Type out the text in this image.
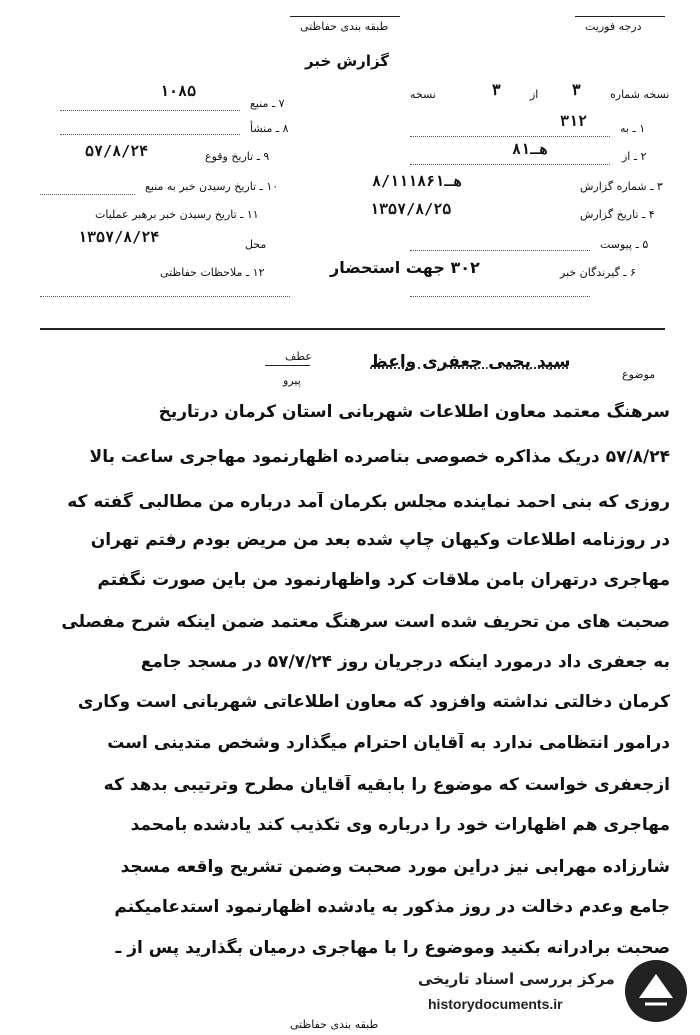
درجه فوریت
طبقه بندی حفاظتی
گزارش خبر
نسخه شماره
۳
از
۳
نسخه
۱ ـ به
۳۱۲
۲ ـ از
۸هـ۱
۳ ـ شماره گزارش
۸/۱۱۱۸۶هـ۱
۴ ـ تاریخ گزارش
۱۳۵۷/۸/۲۵
۵ ـ پیوست
۶ ـ گیرندگان خبر
۳۰۲ جهت استحضار
۷ ـ منبع
۱۰۸۵
۸ ـ منشأ
۹ ـ تاریخ وقوع
۵۷/۸/۲۴
۱۰ ـ تاریخ رسیدن خبر به منبع
۱۱ ـ تاریخ رسیدن خبر برهبر عملیات
محل
۱۳۵۷/۸/۲۴
۱۲ ـ ملاحظات حفاظتی
موضوع
سید یحیی جعفری واعظ
عطف
پیرو
سرهنگ معتمد معاون اطلاعات شهربانی استان کرمان درتاریخ
۵۷/۸/۲۴ دریک مذاکره خصوصی بناصرده اظهارنمود مهاجری ساعت بالا
روزی که بنی احمد نماینده مجلس بکرمان آمد درباره من مطالبی گفته که
در روزنامه اطلاعات وکیهان چاپ شده بعد من مریض بودم رفتم تهران
مهاجری درتهران بامن ملاقات کرد واظهارنمود من باین صورت نگفتم
صحبت های من تحریف شده است سرهنگ معتمد ضمن اینکه شرح مفصلی
به جعفری داد درمورد اینکه درجریان روز ۵۷/۷/۲۴ در مسجد جامع
کرمان دخالتی نداشته وافزود که معاون اطلاعاتی شهربانی است وکاری
درامور انتظامی ندارد به آقایان احترام میگذارد وشخص متدینی است
ازجعفری خواست که موضوع را بابقیه آقایان مطرح وترتیبی بدهد که
مهاجری هم اظهارات خود را درباره وی تکذیب کند یادشده بامحمد
شارزاده مهرابی نیز دراین مورد صحبت وضمن تشریح واقعه مسجد
جامع وعدم دخالت در روز مذکور به یادشده اظهارنمود استدعامیکنم
صحبت برادرانه بکنید وموضوع را با مهاجری درمیان بگذارید پس از ـ
طبقه بندی حفاظتی
مرکز بررسی اسناد تاریخی
historydocuments.ir
